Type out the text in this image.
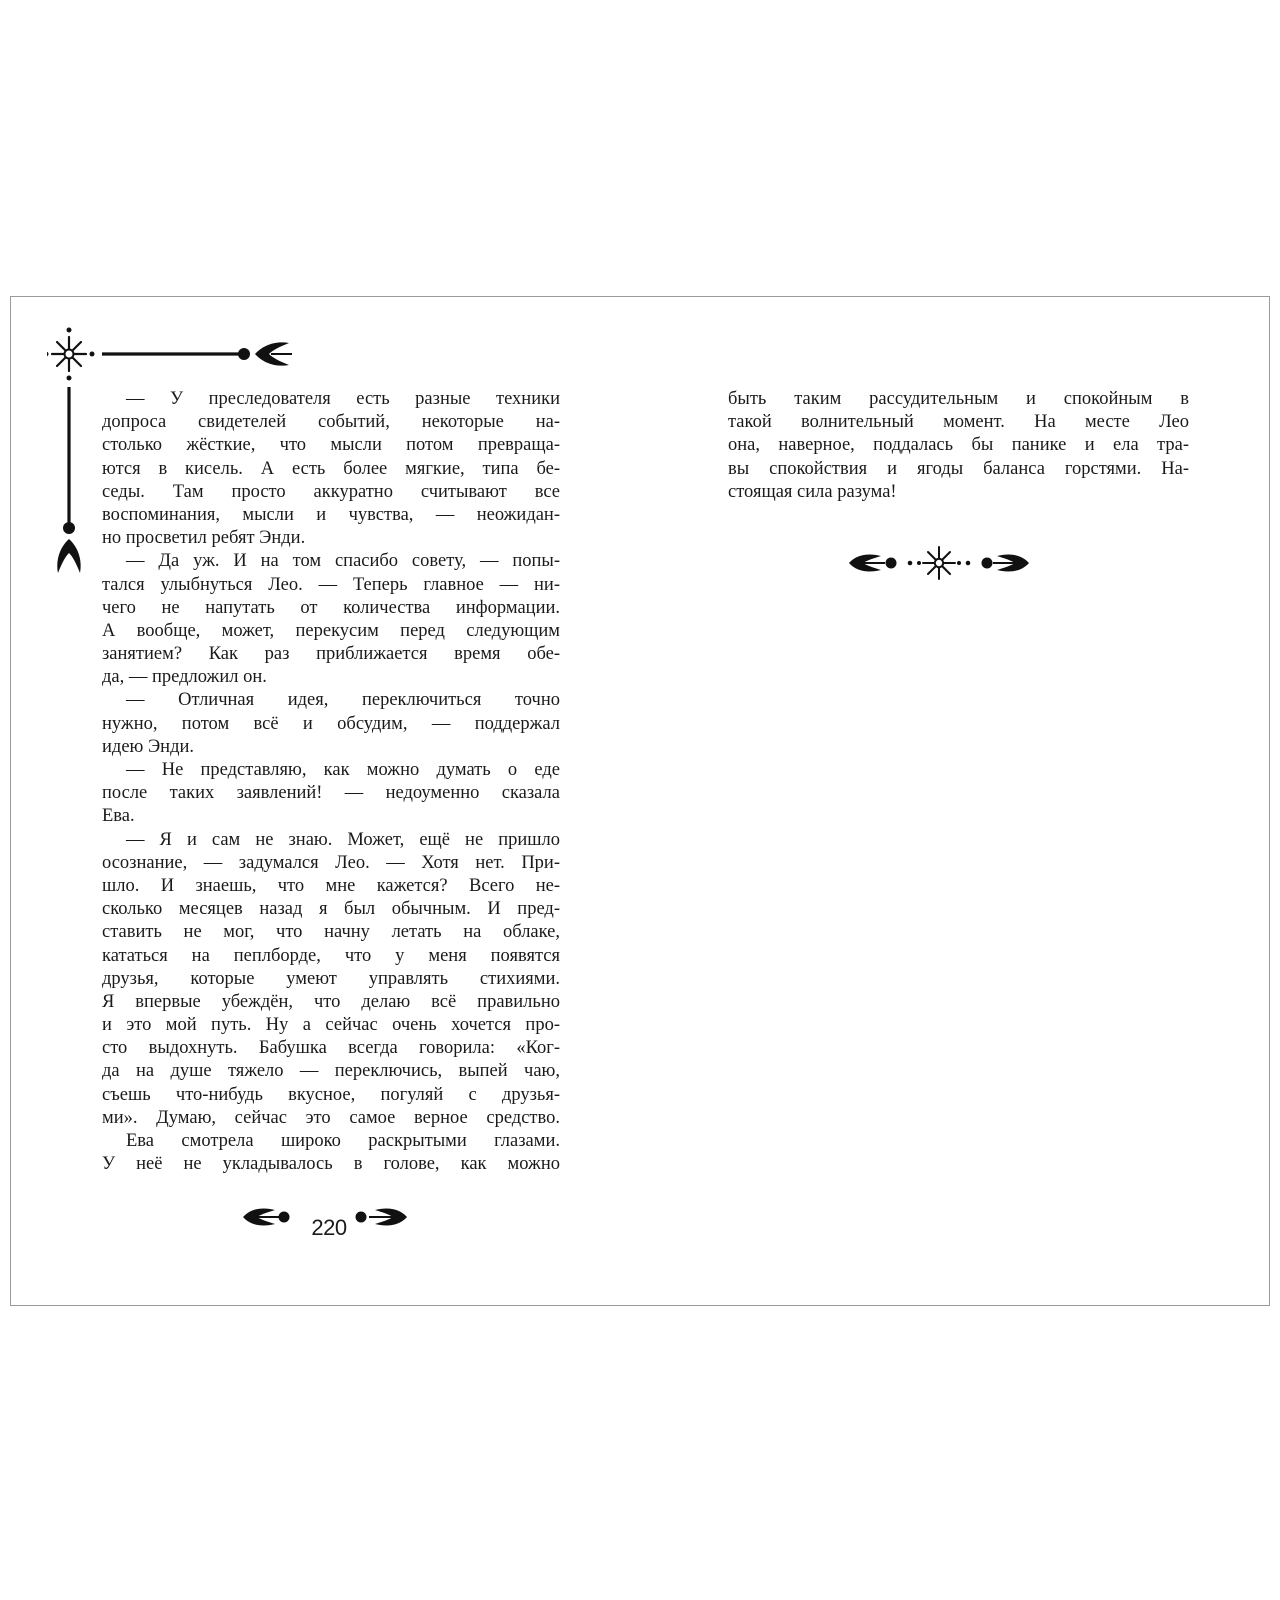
— У преследователя есть разные техники
допроса свидетелей событий, некоторые на-
столько жёсткие, что мысли потом превраща-
ются в кисель. А есть более мягкие, типа бе-
седы. Там просто аккуратно считывают все
воспоминания, мысли и чувства, — неожидан-
но просветил ребят Энди.
— Да уж. И на том спасибо совету, — попы-
тался улыбнуться Лео. — Теперь главное — ни-
чего не напутать от количества информации.
А вообще, может, перекусим перед следующим
занятием? Как раз приближается время обе-
да, — предложил он.
— Отличная идея, переключиться точно
нужно, потом всё и обсудим, — поддержал
идею Энди.
— Не представляю, как можно думать о еде
после таких заявлений! — недоуменно сказала
Ева.
— Я и сам не знаю. Может, ещё не пришло
осознание, — задумался Лео. — Хотя нет. При-
шло. И знаешь, что мне кажется? Всего не-
сколько месяцев назад я был обычным. И пред-
ставить не мог, что начну летать на облаке,
кататься на пеплборде, что у меня появятся
друзья, которые умеют управлять стихиями.
Я впервые убеждён, что делаю всё правильно
и это мой путь. Ну а сейчас очень хочется про-
сто выдохнуть. Бабушка всегда говорила: «Ког-
да на душе тяжело — переключись, выпей чаю,
съешь что-нибудь вкусное, погуляй с друзья-
ми». Думаю, сейчас это самое верное средство.
Ева смотрела широко раскрытыми глазами.
У неё не укладывалось в голове, как можно
220
быть таким рассудительным и спокойным в
такой волнительный момент. На месте Лео
она, наверное, поддалась бы панике и ела тра-
вы спокойствия и ягоды баланса горстями. На-
стоящая сила разума!
